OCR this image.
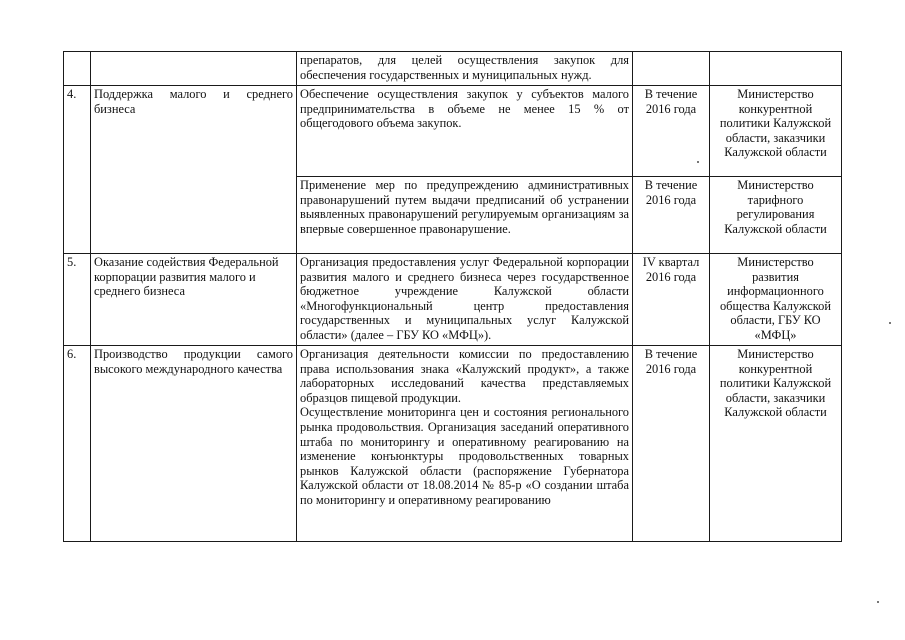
		препаратов, для целей осуществления закупок для обеспечения государственных и муниципальных нужд.		
4.	Поддержка малого и среднего бизнеса	Обеспечение осуществления закупок у субъектов малого предпринимательства в объеме не менее 15 % от общегодового объема закупок.	В течение 2016 года	Министерство конкурентной политики Калужской области, заказчики Калужской области
		Применение мер по предупреждению административных правонарушений путем выдачи предписаний об устранении выявленных правонарушений регулируемым организациям за впервые совершенное правонарушение.	В течение 2016 года	Министерство тарифного регулирования Калужской области
5.	Оказание содействия Федеральной корпорации развития малого и среднего бизнеса	Организация предоставления услуг Федеральной корпорации развития малого и среднего бизнеса через государственное бюджетное учреждение Калужской области «Многофункциональный центр предоставления государственных и муниципальных услуг Калужской области» (далее – ГБУ КО «МФЦ»).	IV квартал 2016 года	Министерство развития информационного общества Калужской области, ГБУ КО «МФЦ»
6.	Производство продукции самого высокого международного качества	Организация деятельности комиссии по предоставлению права использования знака «Калужский продукт», а также лабораторных исследований качества представляемых образцов пищевой продукции.
Осуществление мониторинга цен и состояния регионального рынка продовольствия. Организация заседаний оперативного штаба по мониторингу и оперативному реагированию на изменение конъюнктуры продовольственных товарных рынков Калужской области (распоряжение Губернатора Калужской области от 18.08.2014 № 85-р «О создании штаба по мониторингу и оперативному реагированию	В течение 2016 года	Министерство конкурентной политики Калужской области, заказчики Калужской области
